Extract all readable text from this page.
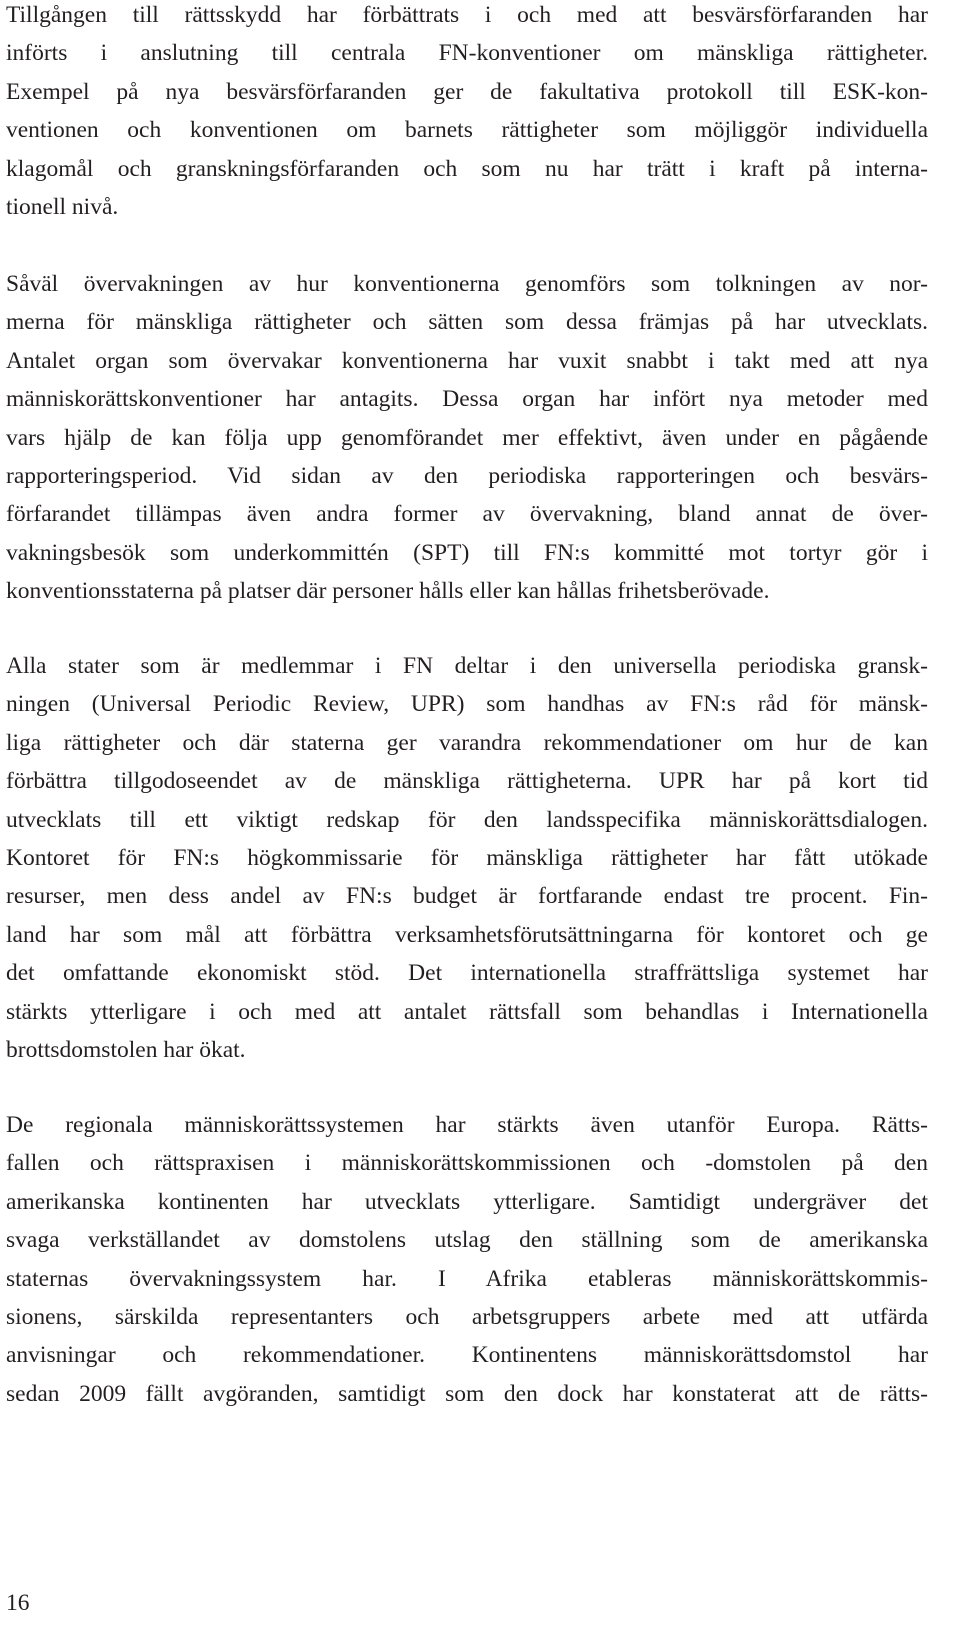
Tillgången till rättsskydd har förbättrats i och med att besvärsförfaranden har
införts i anslutning till centrala FN-konventioner om mänskliga rättigheter.
Exempel på nya besvärsförfaranden ger de fakultativa protokoll till ESK-kon-
ventionen och konventionen om barnets rättigheter som möjliggör individuella
klagomål och granskningsförfaranden och som nu har trätt i kraft på interna-
tionell nivå.
Såväl övervakningen av hur konventionerna genomförs som tolkningen av nor-
merna för mänskliga rättigheter och sätten som dessa främjas på har utvecklats.
Antalet organ som övervakar konventionerna har vuxit snabbt i takt med att nya
människorättskonventioner har antagits. Dessa organ har infört nya metoder med
vars hjälp de kan följa upp genomförandet mer effektivt, även under en pågående
rapporteringsperiod. Vid sidan av den periodiska rapporteringen och besvärs-
förfarandet tillämpas även andra former av övervakning, bland annat de över-
vakningsbesök som underkommittén (SPT) till FN:s kommitté mot tortyr gör i
konventionsstaterna på platser där personer hålls eller kan hållas frihetsberövade.
Alla stater som är medlemmar i FN deltar i den universella periodiska gransk-
ningen (Universal Periodic Review, UPR) som handhas av FN:s råd för mänsk-
liga rättigheter och där staterna ger varandra rekommendationer om hur de kan
förbättra tillgodoseendet av de mänskliga rättigheterna. UPR har på kort tid
utvecklats till ett viktigt redskap för den landsspecifika människorättsdialogen.
Kontoret för FN:s högkommissarie för mänskliga rättigheter har fått utökade
resurser, men dess andel av FN:s budget är fortfarande endast tre procent. Fin-
land har som mål att förbättra verksamhetsförutsättningarna för kontoret och ge
det omfattande ekonomiskt stöd. Det internationella straffrättsliga systemet har
stärkts ytterligare i och med att antalet rättsfall som behandlas i Internationella
brottsdomstolen har ökat.
De regionala människorättssystemen har stärkts även utanför Europa. Rätts-
fallen och rättspraxisen i människorättskommissionen och -domstolen på den
amerikanska kontinenten har utvecklats ytterligare. Samtidigt undergräver det
svaga verkställandet av domstolens utslag den ställning som de amerikanska
staternas övervakningssystem har. I Afrika etableras människorättskommis-
sionens, särskilda representanters och arbetsgruppers arbete med att utfärda
anvisningar och rekommendationer. Kontinentens människorättsdomstol har
sedan 2009 fällt avgöranden, samtidigt som den dock har konstaterat att de rätts-
16
